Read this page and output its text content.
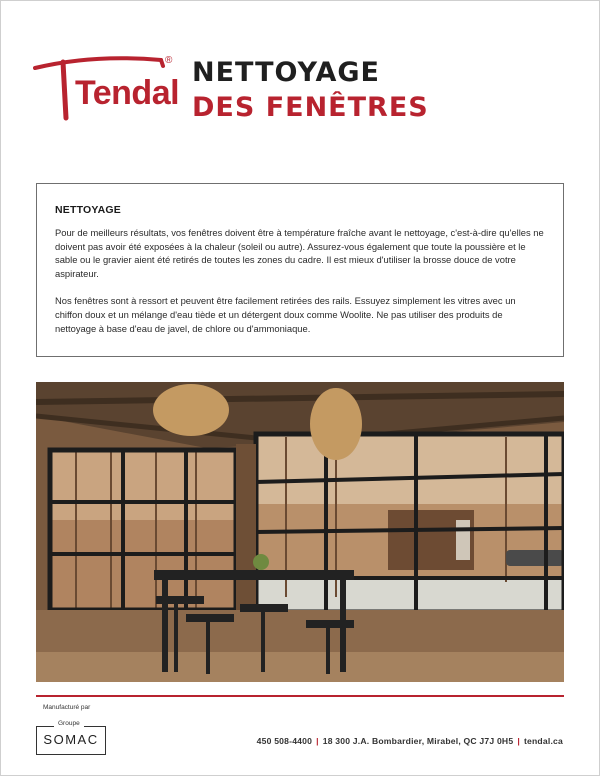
Tendal
® NETTOYAGE
DES FENÊTRES
NETTOYAGE

Pour de meilleurs résultats, vos fenêtres doivent être à température fraîche avant le nettoyage, c'est-à-dire qu'elles ne doivent pas avoir été exposées à la chaleur (soleil ou autre). Assurez-vous également que toute la poussière et le sable ou le gravier aient été retirés de toutes les zones du cadre. Il est mieux d'utiliser la brosse douce de votre aspirateur.

Nos fenêtres sont à ressort et peuvent être facilement retirées des rails. Essuyez simplement les vitres avec un chiffon doux et un mélange d'eau tiède et un détergent doux comme Woolite. Ne pas utiliser des produits de nettoyage à base d'eau de javel, de chlore ou d'ammoniaque.

Manufacturé par
Groupe
SOMAC	450 508-4400 | 18 300 J.A. Bombardier, Mirabel, QC J7J 0H5 | tendal.ca
